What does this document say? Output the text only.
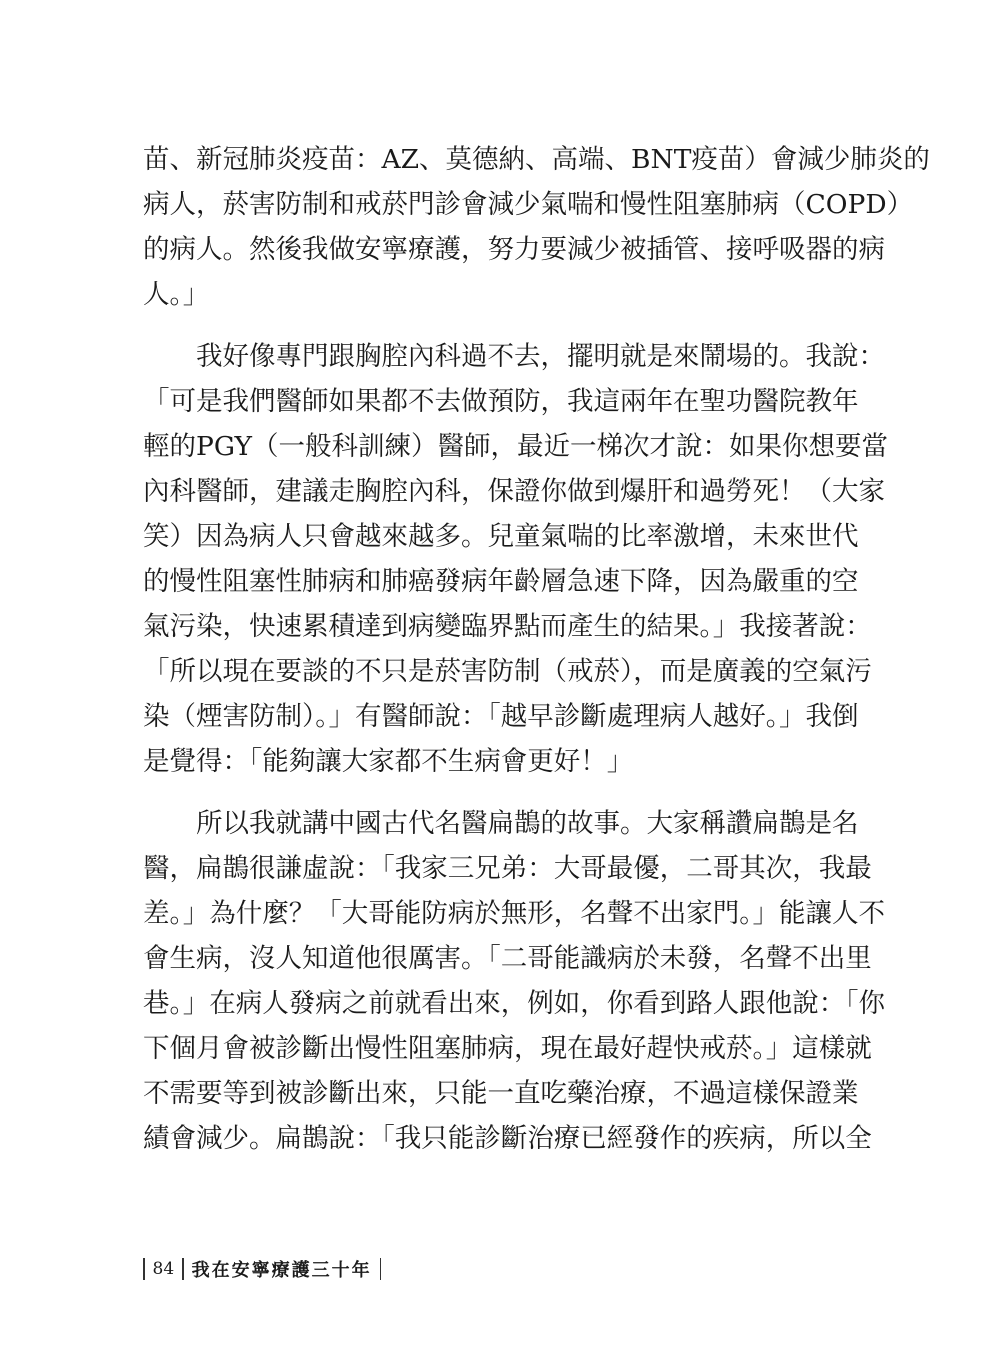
苗、新冠肺炎疫苗：AZ、莫德納、高端、BNT疫苗）會減少肺炎的
病人，菸害防制和戒菸門診會減少氣喘和慢性阻塞肺病（COPD）
的病人。然後我做安寧療護，努力要減少被插管、接呼吸器的病
人。」
我好像專門跟胸腔內科過不去，擺明就是來鬧場的。我說：
「可是我們醫師如果都不去做預防，我這兩年在聖功醫院教年
輕的PGY（一般科訓練）醫師，最近一梯次才說：如果你想要當
內科醫師，建議走胸腔內科，保證你做到爆肝和過勞死！（大家
笑）因為病人只會越來越多。兒童氣喘的比率激增，未來世代
的慢性阻塞性肺病和肺癌發病年齡層急速下降，因為嚴重的空
氣污染，快速累積達到病變臨界點而產生的結果。」我接著說：
「所以現在要談的不只是菸害防制（戒菸），而是廣義的空氣污
染（煙害防制）。」有醫師說：「越早診斷處理病人越好。」我倒
是覺得：「能夠讓大家都不生病會更好！」
所以我就講中國古代名醫扁鵲的故事。大家稱讚扁鵲是名
醫，扁鵲很謙虛說：「我家三兄弟：大哥最優，二哥其次，我最
差。」為什麼？「大哥能防病於無形，名聲不出家門。」能讓人不
會生病，沒人知道他很厲害。「二哥能識病於未發，名聲不出里
巷。」在病人發病之前就看出來，例如，你看到路人跟他說：「你
下個月會被診斷出慢性阻塞肺病，現在最好趕快戒菸。」這樣就
不需要等到被診斷出來，只能一直吃藥治療，不過這樣保證業
績會減少。扁鵲說：「我只能診斷治療已經發作的疾病，所以全
84 我在安寧療護三十年
